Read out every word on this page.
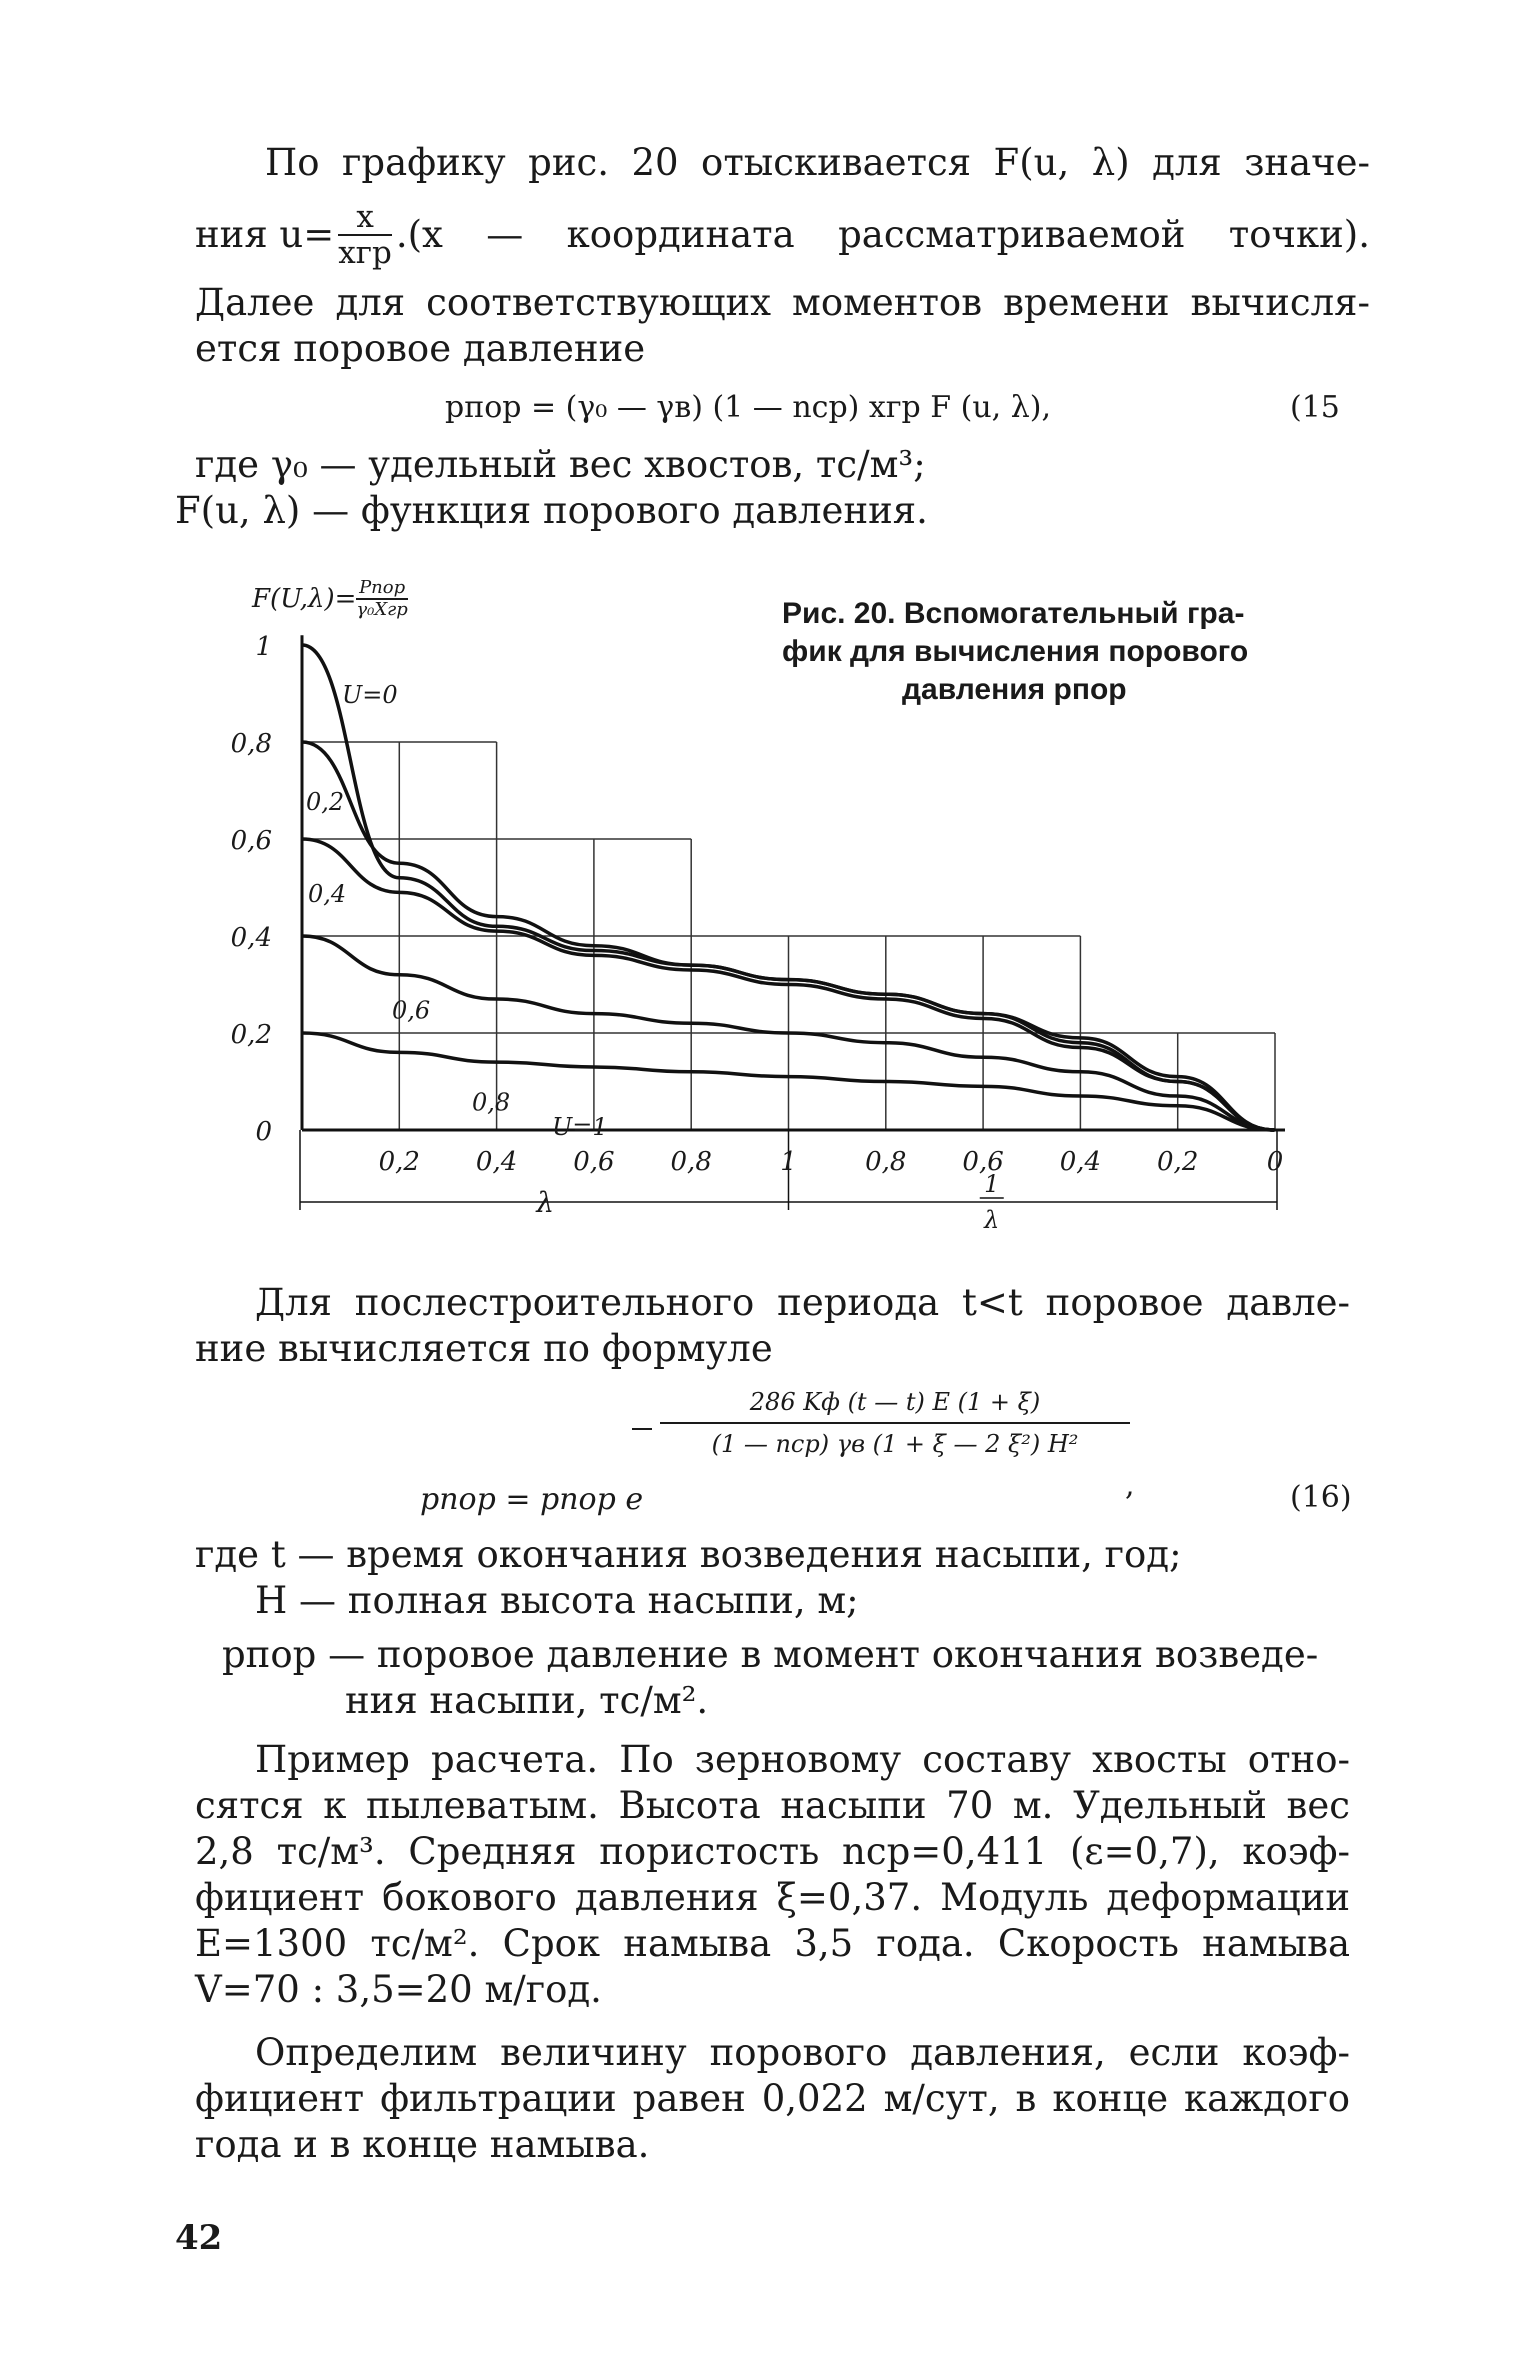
По графику рис. 20 отыскивается F(u, λ) для значе-
ния $u= \frac{x}{\text{xгр}} .(x$ — координата рассматриваемой точки).
Далее для соответствующих моментов времени вычисля-
ется поровое давление
pпор = (γ₀ — γв) (1 — nср) xгр F (u, λ),	(15
где γ₀ — удельный вес хвостов, тс/м³;
F(u, λ) — функция порового давления.
1
0,8
0,6
0,4
0,2
0
0,2 0,4 0,6 0,8	1	0,8 0,6 0,4 0,2	0
λ
1
λ
U=0
0,2
0,4
0,6
0,8
U=1
$F(U,\lambda)= \frac{\text{Pпор}}{\text{γ₀Xгр}}$	Рис. 20. Вспомогательный гра-
фик для вычисления порового
давления pпор
Для послестроительного периода t<t поровое давле-
ние вычисляется по формуле
286 Kф (t — t) E (1 + ξ)
(1 — nср) γв (1 + ξ — 2 ξ²) H²
pпор = pпор e	,	(16)
где t — время окончания возведения насыпи, год;
H — полная высота насыпи, м;
pпор — поровое давление в момент окончания возведе-
ния насыпи, тс/м².
Пример расчета. По зерновому составу хвосты отно-
сятся к пылеватым. Высота насыпи 70 м. Удельный вес
2,8 тс/м³. Средняя пористость nср=0,411 (ε=0,7), коэф-
фициент бокового давления ξ=0,37. Модуль деформации
E=1300 тс/м². Срок намыва 3,5 года. Скорость намыва
V=70 : 3,5=20 м/год.
Определим величину порового давления, если коэф-
фициент фильтрации равен 0,022 м/сут, в конце каждого
года и в конце намыва.
42
